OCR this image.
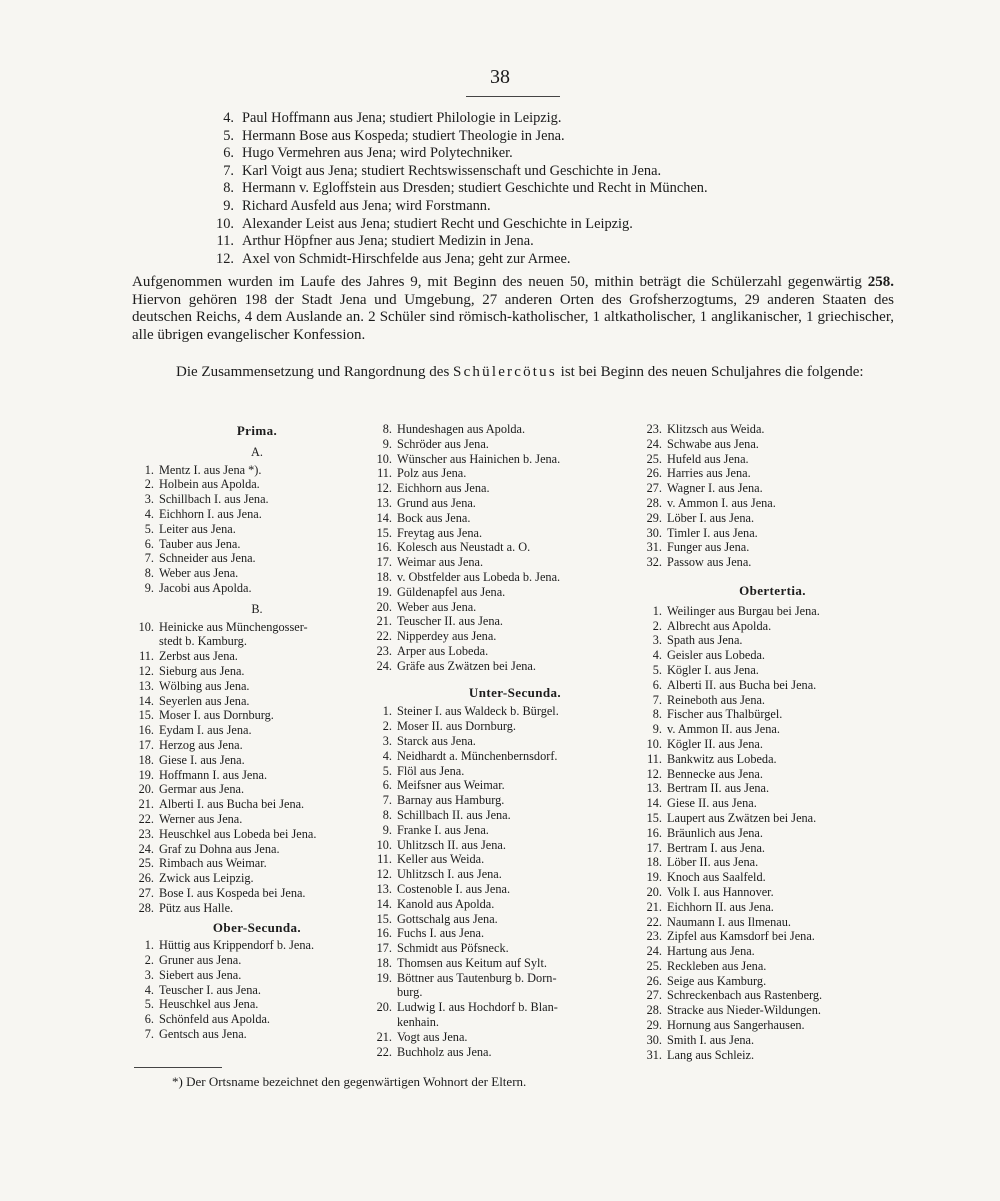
38
4. Paul Hoffmann aus Jena; studiert Philologie in Leipzig.
5. Hermann Bose aus Kospeda; studiert Theologie in Jena.
6. Hugo Vermehren aus Jena; wird Polytechniker.
7. Karl Voigt aus Jena; studiert Rechtswissenschaft und Geschichte in Jena.
8. Hermann v. Egloffstein aus Dresden; studiert Geschichte und Recht in München.
9. Richard Ausfeld aus Jena; wird Forstmann.
10. Alexander Leist aus Jena; studiert Recht und Geschichte in Leipzig.
11. Arthur Höpfner aus Jena; studiert Medizin in Jena.
12. Axel von Schmidt-Hirschfelde aus Jena; geht zur Armee.
Aufgenommen wurden im Laufe des Jahres 9, mit Beginn des neuen 50, mithin beträgt die Schülerzahl gegenwärtig 258. Hiervon gehören 198 der Stadt Jena und Umgebung, 27 anderen Orten des Grofsherzogtums, 29 anderen Staaten des deutschen Reichs, 4 dem Auslande an. 2 Schüler sind römisch-katholischer, 1 altkatholischer, 1 anglikanischer, 1 griechischer, alle übrigen evangelischer Konfession.
Die Zusammensetzung und Rangordnung des Schülercötus ist bei Beginn des neuen Schuljahres die folgende:
Prima.
A.
1. Mentz I. aus Jena *).
2. Holbein aus Apolda.
3. Schillbach I. aus Jena.
4. Eichhorn I. aus Jena.
5. Leiter aus Jena.
6. Tauber aus Jena.
7. Schneider aus Jena.
8. Weber aus Jena.
9. Jacobi aus Apolda.
B.
10. Heinicke aus Münchengosser-
stedt b. Kamburg.
11. Zerbst aus Jena.
12. Sieburg aus Jena.
13. Wölbing aus Jena.
14. Seyerlen aus Jena.
15. Moser I. aus Dornburg.
16. Eydam I. aus Jena.
17. Herzog aus Jena.
18. Giese I. aus Jena.
19. Hoffmann I. aus Jena.
20. Germar aus Jena.
21. Alberti I. aus Bucha bei Jena.
22. Werner aus Jena.
23. Heuschkel aus Lobeda bei Jena.
24. Graf zu Dohna aus Jena.
25. Rimbach aus Weimar.
26. Zwick aus Leipzig.
27. Bose I. aus Kospeda bei Jena.
28. Pütz aus Halle.
Ober-Secunda.
1. Hüttig aus Krippendorf b. Jena.
2. Gruner aus Jena.
3. Siebert aus Jena.
4. Teuscher I. aus Jena.
5. Heuschkel aus Jena.
6. Schönfeld aus Apolda.
7. Gentsch aus Jena.
8. Hundeshagen aus Apolda.
9. Schröder aus Jena.
10. Wünscher aus Hainichen b. Jena.
11. Polz aus Jena.
12. Eichhorn aus Jena.
13. Grund aus Jena.
14. Bock aus Jena.
15. Freytag aus Jena.
16. Kolesch aus Neustadt a. O.
17. Weimar aus Jena.
18. v. Obstfelder aus Lobeda b. Jena.
19. Güldenapfel aus Jena.
20. Weber aus Jena.
21. Teuscher II. aus Jena.
22. Nipperdey aus Jena.
23. Arper aus Lobeda.
24. Gräfe aus Zwätzen bei Jena.
Unter-Secunda.
1. Steiner I. aus Waldeck b. Bürgel.
2. Moser II. aus Dornburg.
3. Starck aus Jena.
4. Neidhardt a. Münchenbernsdorf.
5. Flöl aus Jena.
6. Meifsner aus Weimar.
7. Barnay aus Hamburg.
8. Schillbach II. aus Jena.
9. Franke I. aus Jena.
10. Uhlitzsch II. aus Jena.
11. Keller aus Weida.
12. Uhlitzsch I. aus Jena.
13. Costenoble I. aus Jena.
14. Kanold aus Apolda.
15. Gottschalg aus Jena.
16. Fuchs I. aus Jena.
17. Schmidt aus Pöfsneck.
18. Thomsen aus Keitum auf Sylt.
19. Böttner aus Tautenburg b. Dorn-
burg.
20. Ludwig I. aus Hochdorf b. Blan-
kenhain.
21. Vogt aus Jena.
22. Buchholz aus Jena.
23. Klitzsch aus Weida.
24. Schwabe aus Jena.
25. Hufeld aus Jena.
26. Harries aus Jena.
27. Wagner I. aus Jena.
28. v. Ammon I. aus Jena.
29. Löber I. aus Jena.
30. Timler I. aus Jena.
31. Funger aus Jena.
32. Passow aus Jena.
Obertertia.
1. Weilinger aus Burgau bei Jena.
2. Albrecht aus Apolda.
3. Spath aus Jena.
4. Geisler aus Lobeda.
5. Kögler I. aus Jena.
6. Alberti II. aus Bucha bei Jena.
7. Reineboth aus Jena.
8. Fischer aus Thalbürgel.
9. v. Ammon II. aus Jena.
10. Kögler II. aus Jena.
11. Bankwitz aus Lobeda.
12. Bennecke aus Jena.
13. Bertram II. aus Jena.
14. Giese II. aus Jena.
15. Laupert aus Zwätzen bei Jena.
16. Bräunlich aus Jena.
17. Bertram I. aus Jena.
18. Löber II. aus Jena.
19. Knoch aus Saalfeld.
20. Volk I. aus Hannover.
21. Eichhorn II. aus Jena.
22. Naumann I. aus Ilmenau.
23. Zipfel aus Kamsdorf bei Jena.
24. Hartung aus Jena.
25. Reckleben aus Jena.
26. Seige aus Kamburg.
27. Schreckenbach aus Rastenberg.
28. Stracke aus Nieder-Wildungen.
29. Hornung aus Sangerhausen.
30. Smith I. aus Jena.
31. Lang aus Schleiz.
*) Der Ortsname bezeichnet den gegenwärtigen Wohnort der Eltern.
